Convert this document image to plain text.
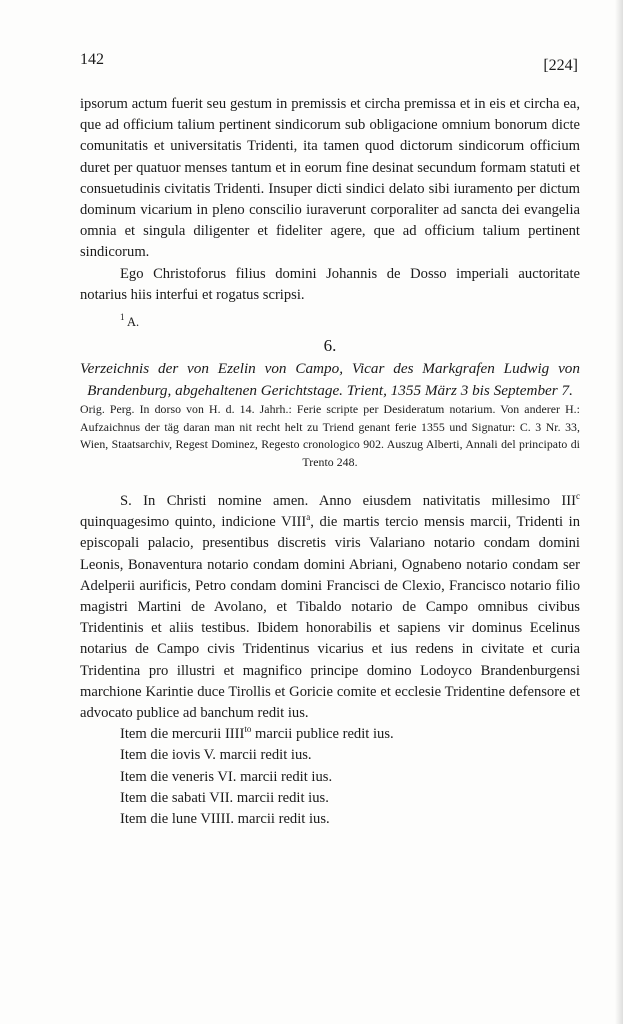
142	[224]

ipsorum actum fuerit seu gestum in premissis et circha premissa et in eis et circha ea, que ad officium talium pertinent sindicorum sub obligacione omnium bonorum dicte comunitatis et universitatis Tridenti, ita tamen quod dictorum sindicorum officium duret per quatuor menses tantum et in eorum fine desinat secundum formam statuti et consuetudinis civitatis Tridenti. Insuper dicti sindici delato sibi iuramento per dictum dominum vicarium in pleno conscilio iuraverunt corporaliter ad sancta dei evangelia omnia et singula diligenter et fideliter agere, que ad officium talium pertinent sindicorum.

Ego Christoforus filius domini Johannis de Dosso imperiali auctoritate notarius hiis interfui et rogatus scripsi.

$^1$ A.
6.

Verzeichnis der von Ezelin von Campo, Vicar des Markgrafen Ludwig von Brandenburg, abgehaltenen Gerichtstage. Trient, 1355 März 3 bis September 7.

Orig. Perg. In dorso von H. d. 14. Jahrh.: Ferie scripte per Desideratum notarium. Von anderer H.: Aufzaichnus der täg daran man nit recht helt zu Triend genant ferie 1355 und Signatur: C. 3 Nr. 33, Wien, Staatsarchiv, Regest Dominez, Regesto cronologico 902. Auszug Alberti, Annali del principato di Trento 248.

S. In Christi nomine amen. Anno eiusdem nativitatis millesimo III$^c$ quinquagesimo quinto, indicione VIII$^a$, die martis tercio mensis marcii, Tridenti in episcopali palacio, presentibus discretis viris Valariano notario condam domini Leonis, Bonaventura notario condam domini Abriani, Ognabeno notario condam ser Adelperii aurificis, Petro condam domini Francisci de Clexio, Francisco notario filio magistri Martini de Avolano, et Tibaldo notario de Campo omnibus civibus Tridentinis et aliis testibus. Ibidem honorabilis et sapiens vir dominus Ecelinus notarius de Campo civis Tridentinus vicarius et ius redens in civitate et curia Tridentina pro illustri et magnifico principe domino Lodoyco Brandenburgensi marchione Karintie duce Tirollis et Goricie comite et ecclesie Tridentine defensore et advocato publice ad banchum redit ius.

Item die mercurii $IIII^{to}$ marcii publice redit ius.
Item die iovis V. marcii redit ius.
Item die veneris VI. marcii redit ius.
Item die sabati VII. marcii redit ius.
Item die lune VIIII. marcii redit ius.
